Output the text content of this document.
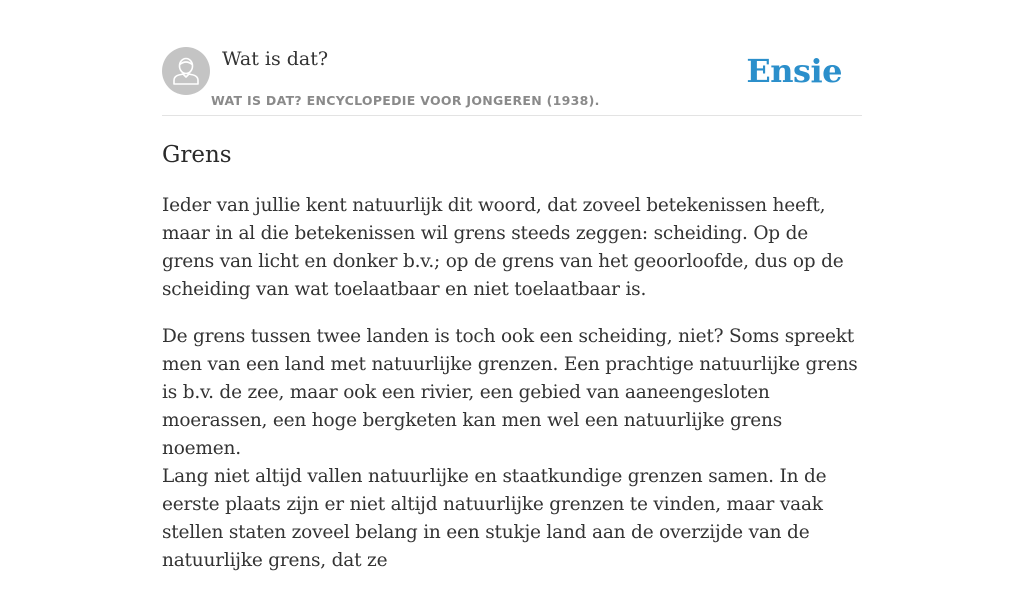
Wat is dat?
WAT IS DAT? ENCYCLOPEDIE VOOR JONGEREN (1938).
Ensie
Grens

Ieder van jullie kent natuurlijk dit woord, dat zoveel betekenissen heeft, maar in al die betekenissen wil grens steeds zeggen: scheiding. Op de grens van licht en donker b.v.; op de grens van het geoorloofde, dus op de scheiding van wat toelaatbaar en niet toelaatbaar is.

De grens tussen twee landen is toch ook een scheiding, niet? Soms spreekt men van een land met natuurlijke grenzen. Een prachtige natuurlijke grens is b.v. de zee, maar ook een rivier, een gebied van aaneengesloten moerassen, een hoge bergketen kan men wel een natuurlijke grens noemen.

Lang niet altijd vallen natuurlijke en staatkundige grenzen samen. In de eerste plaats zijn er niet altijd natuurlijke grenzen te vinden, maar vaak stellen staten zoveel belang in een stukje land aan de overzijde van de natuurlijke grens, dat ze
